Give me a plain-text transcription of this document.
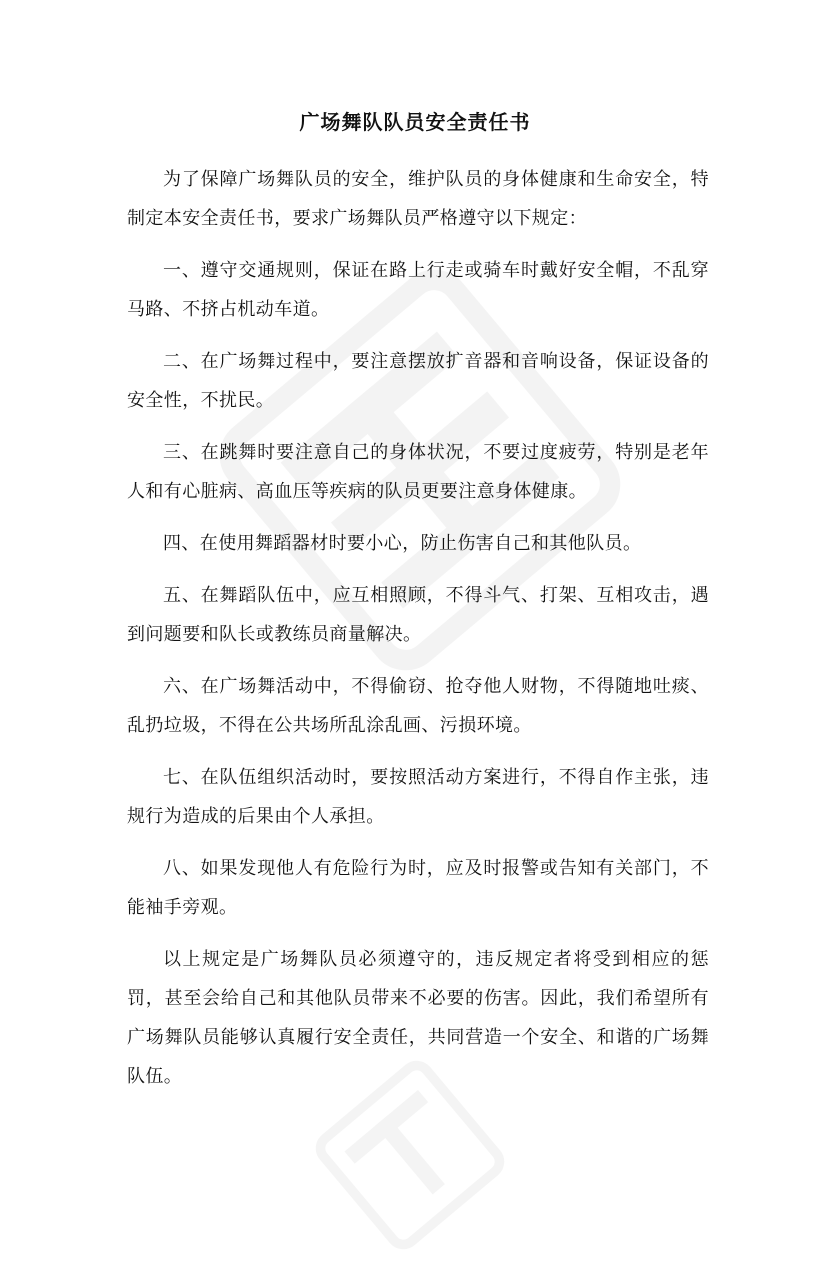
广场舞队队员安全责任书

为了保障广场舞队员的安全，维护队员的身体健康和生命安全，特制定本安全责任书，要求广场舞队员严格遵守以下规定：

一、遵守交通规则，保证在路上行走或骑车时戴好安全帽，不乱穿马路、不挤占机动车道。

二、在广场舞过程中，要注意摆放扩音器和音响设备，保证设备的安全性，不扰民。

三、在跳舞时要注意自己的身体状况，不要过度疲劳，特别是老年人和有心脏病、高血压等疾病的队员更要注意身体健康。

四、在使用舞蹈器材时要小心，防止伤害自己和其他队员。

五、在舞蹈队伍中，应互相照顾，不得斗气、打架、互相攻击，遇到问题要和队长或教练员商量解决。

六、在广场舞活动中，不得偷窃、抢夺他人财物，不得随地吐痰、乱扔垃圾，不得在公共场所乱涂乱画、污损环境。

七、在队伍组织活动时，要按照活动方案进行，不得自作主张，违规行为造成的后果由个人承担。

八、如果发现他人有危险行为时，应及时报警或告知有关部门，不能袖手旁观。

以上规定是广场舞队员必须遵守的，违反规定者将受到相应的惩罚，甚至会给自己和其他队员带来不必要的伤害。因此，我们希望所有广场舞队员能够认真履行安全责任，共同营造一个安全、和谐的广场舞队伍。
